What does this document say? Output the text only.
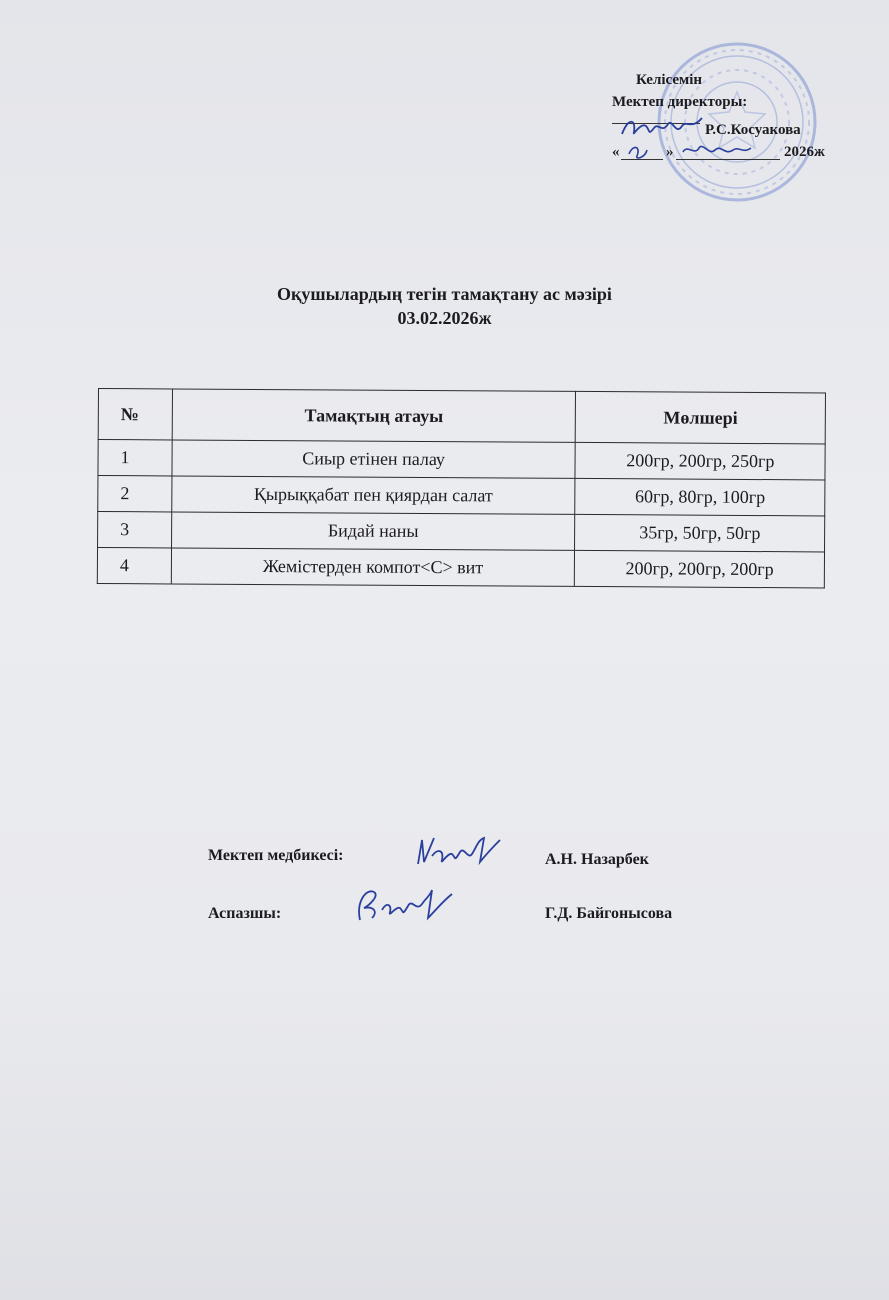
Келісемін
Мектеп директоры:
Р.С.Косуакова
«	»	2026ж
Оқушылардың тегін тамақтану ас мәзірі
03.02.2026ж
№	Тамақтың атауы	Мөлшері
1	Сиыр етінен палау	200гр, 200гр, 250гр
2	Қырыққабат пен қиярдан салат	60гр, 80гр, 100гр
3	Бидай наны	35гр, 50гр, 50гр
4	Жемістерден компот<С> вит	200гр, 200гр, 200гр
Мектеп медбикесі:	А.Н. Назарбек
Аспазшы:	Г.Д. Байгонысова
